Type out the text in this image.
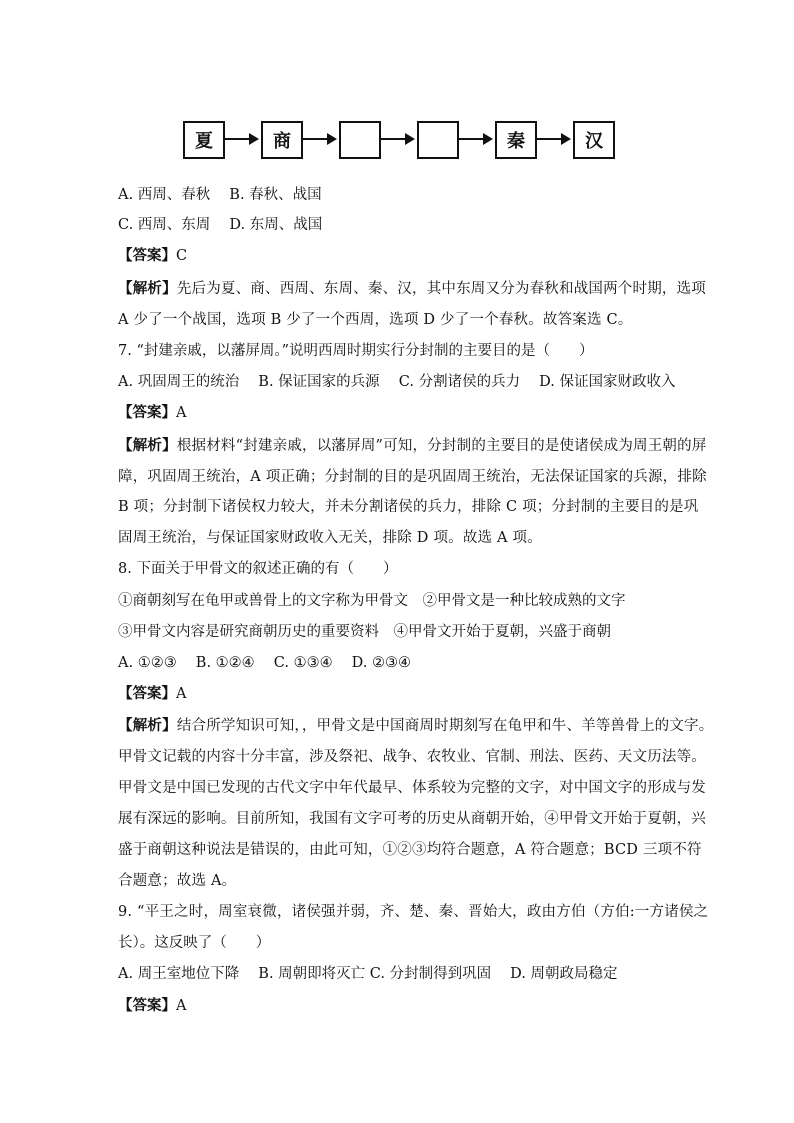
夏	商	秦	汉
A. 西周、春秋　 B. 春秋、战国
C. 西周、东周　 D. 东周、战国
【答案】C
【解析】先后为夏、商、西周、东周、秦、汉，其中东周又分为春秋和战国两个时期，选项
A 少了一个战国，选项 B 少了一个西周，选项 D 少了一个春秋。故答案选 C。
7. “封建亲戚，以藩屏周。”说明西周时期实行分封制的主要目的是（　　）
A. 巩固周王的统治　 B. 保证国家的兵源　 C. 分割诸侯的兵力　 D. 保证国家财政收入
【答案】A
【解析】根据材料“封建亲戚，以藩屏周”可知，分封制的主要目的是使诸侯成为周王朝的屏
障，巩固周王统治，A 项正确；分封制的目的是巩固周王统治，无法保证国家的兵源，排除
B 项；分封制下诸侯权力较大，并未分割诸侯的兵力，排除 C 项；分封制的主要目的是巩
固周王统治，与保证国家财政收入无关，排除 D 项。故选 A 项。
8. 下面关于甲骨文的叙述正确的有（　　）
①商朝刻写在龟甲或兽骨上的文字称为甲骨文　②甲骨文是一种比较成熟的文字
③甲骨文内容是研究商朝历史的重要资料　④甲骨文开始于夏朝，兴盛于商朝
A. ①②③　 B. ①②④　 C. ①③④　 D. ②③④
【答案】A
【解析】结合所学知识可知，，甲骨文是中国商周时期刻写在龟甲和牛、羊等兽骨上的文字。
甲骨文记载的内容十分丰富，涉及祭祀、战争、农牧业、官制、刑法、医药、天文历法等。
甲骨文是中国已发现的古代文字中年代最早、体系较为完整的文字，对中国文字的形成与发
展有深远的影响。目前所知，我国有文字可考的历史从商朝开始，④甲骨文开始于夏朝，兴
盛于商朝这种说法是错误的，由此可知，①②③均符合题意，A 符合题意；BCD 三项不符
合题意；故选 A。
9. “平王之时，周室衰微，诸侯强并弱，齐、楚、秦、晋始大，政由方伯（方伯:一方诸侯之
长）。这反映了（　　）
A. 周王室地位下降　 B. 周朝即将灭亡 C. 分封制得到巩固　 D. 周朝政局稳定
【答案】A
